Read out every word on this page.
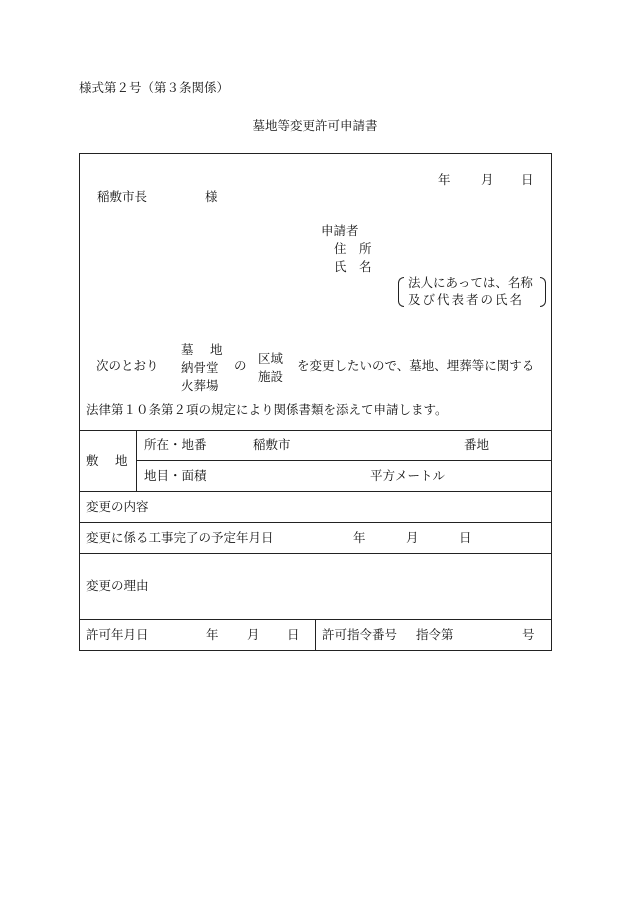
様式第２号（第３条関係）
墓地等変更許可申請書
年 月 日
稲敷市長	様
申請者
住　所
氏　名
法人にあっては、名称
及び代表者の氏名
次のとおり
墓　 地
納骨堂
火葬場
の 区域
施設
を変更したいので、墓地、埋葬等に関する
法律第１０条第２項の規定により関係書類を添えて申請します。
敷　 地
所在・地番	稲敷市	番地
地目・面積	平方メートル
変更の内容
変更に係る工事完了の予定年月日	年	月	日
変更の理由
許可年月日	年 月 日 許可指令番号 指令第	号
